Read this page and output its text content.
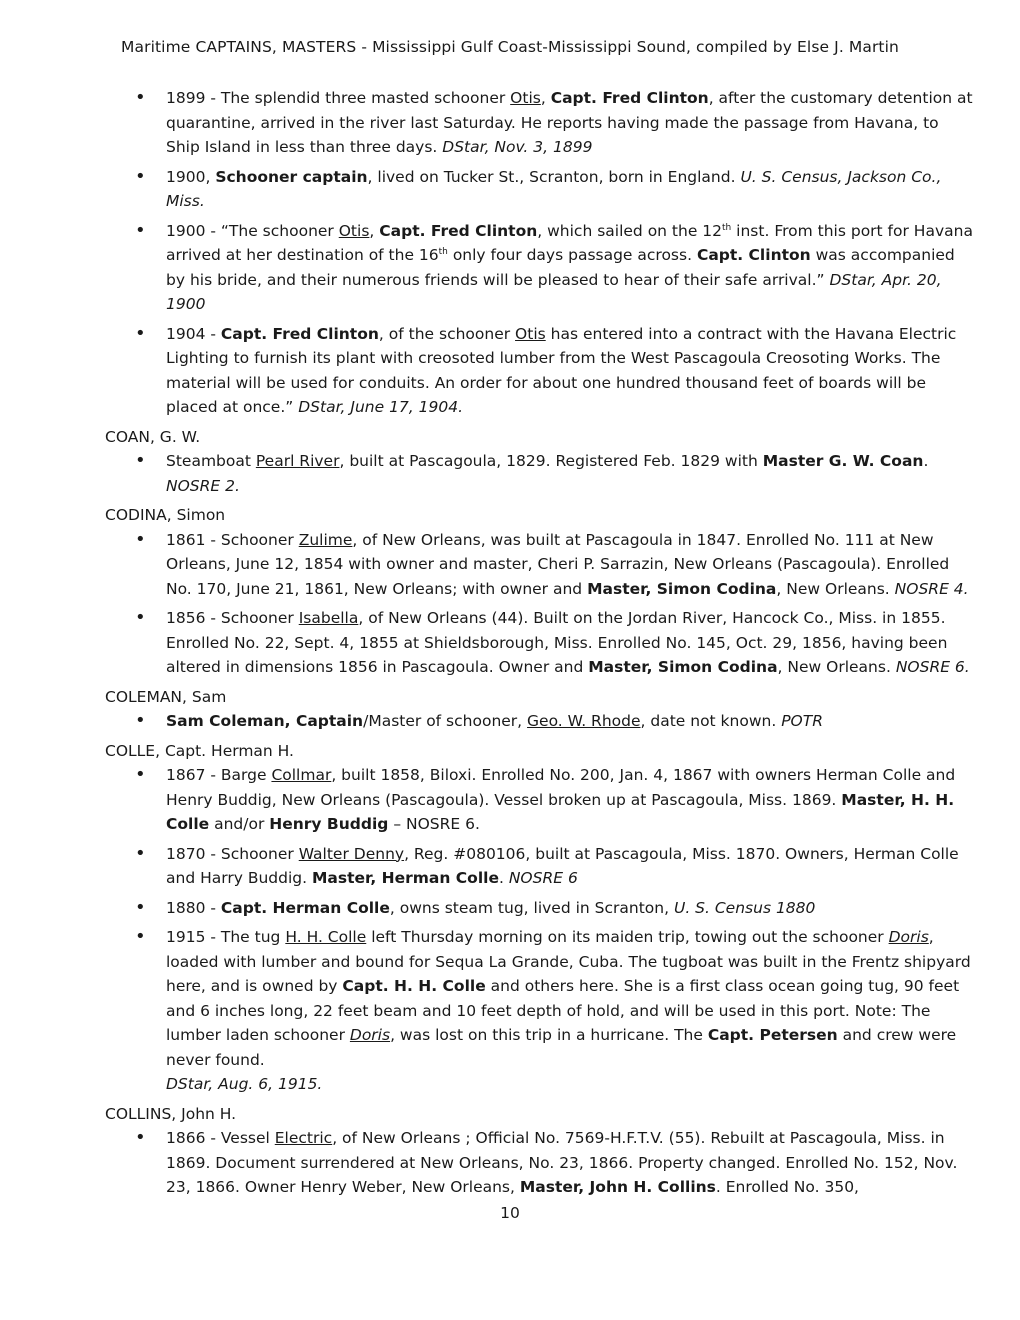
Maritime CAPTAINS, MASTERS - Mississippi Gulf Coast-Mississippi Sound, compiled by Else J. Martin
• 1899 - The splendid three masted schooner Otis, Capt. Fred Clinton, after the customary detention at quarantine, arrived in the river last Saturday. He reports having made the passage from Havana, to Ship Island in less than three days. DStar, Nov. 3, 1899
• 1900, Schooner captain, lived on Tucker St., Scranton, born in England. U. S. Census, Jackson Co., Miss.
• 1900 - “The schooner Otis, Capt. Fred Clinton, which sailed on the 12th inst. From this port for Havana arrived at her destination of the 16th only four days passage across. Capt. Clinton was accompanied by his bride, and their numerous friends will be pleased to hear of their safe arrival.” DStar, Apr. 20, 1900
• 1904 - Capt. Fred Clinton, of the schooner Otis has entered into a contract with the Havana Electric Lighting to furnish its plant with creosoted lumber from the West Pascagoula Creosoting Works. The material will be used for conduits. An order for about one hundred thousand feet of boards will be placed at once.” DStar, June 17, 1904.

COAN, G. W.

• Steamboat Pearl River, built at Pascagoula, 1829. Registered Feb. 1829 with Master G. W. Coan. NOSRE 2.

CODINA, Simon

• 1861 - Schooner Zulime, of New Orleans, was built at Pascagoula in 1847. Enrolled No. 111 at New Orleans, June 12, 1854 with owner and master, Cheri P. Sarrazin, New Orleans (Pascagoula). Enrolled No. 170, June 21, 1861, New Orleans; with owner and Master, Simon Codina, New Orleans. NOSRE 4.
• 1856 - Schooner Isabella, of New Orleans (44). Built on the Jordan River, Hancock Co., Miss. in 1855. Enrolled No. 22, Sept. 4, 1855 at Shieldsborough, Miss. Enrolled No. 145, Oct. 29, 1856, having been altered in dimensions 1856 in Pascagoula. Owner and Master, Simon Codina, New Orleans. NOSRE 6.

COLEMAN, Sam

• Sam Coleman, Captain/Master of schooner, Geo. W. Rhode, date not known. POTR

COLLE, Capt. Herman H.

• 1867 - Barge Collmar, built 1858, Biloxi. Enrolled No. 200, Jan. 4, 1867 with owners Herman Colle and Henry Buddig, New Orleans (Pascagoula). Vessel broken up at Pascagoula, Miss. 1869. Master, H. H. Colle and/or Henry Buddig – NOSRE 6.
• 1870 - Schooner Walter Denny, Reg. #080106, built at Pascagoula, Miss. 1870. Owners, Herman Colle and Harry Buddig. Master, Herman Colle. NOSRE 6
• 1880 - Capt. Herman Colle, owns steam tug, lived in Scranton, U. S. Census 1880
• 1915 - The tug H. H. Colle left Thursday morning on its maiden trip, towing out the schooner Doris, loaded with lumber and bound for Sequa La Grande, Cuba. The tugboat was built in the Frentz shipyard here, and is owned by Capt. H. H. Colle and others here. She is a first class ocean going tug, 90 feet and 6 inches long, 22 feet beam and 10 feet depth of hold, and will be used in this port. Note: The lumber laden schooner Doris, was lost on this trip in a hurricane. The Capt. Petersen and crew were never found.
DStar, Aug. 6, 1915.

COLLINS, John H.

• 1866 - Vessel Electric, of New Orleans ; Official No. 7569-H.F.T.V. (55). Rebuilt at Pascagoula, Miss. in 1869. Document surrendered at New Orleans, No. 23, 1866. Property changed. Enrolled No. 152, Nov. 23, 1866. Owner Henry Weber, New Orleans, Master, John H. Collins. Enrolled No. 350,
10
